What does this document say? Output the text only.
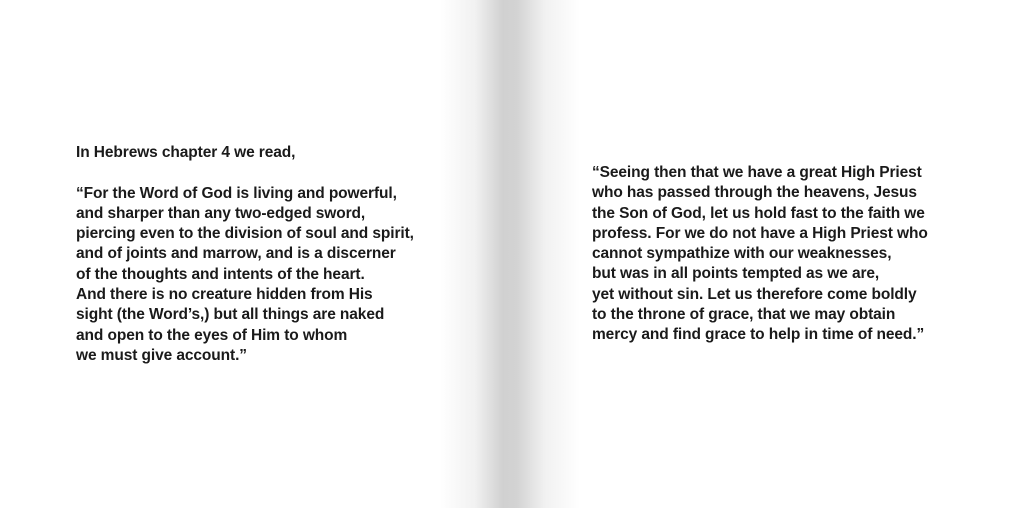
In Hebrews chapter 4 we read,
“For the Word of God is living and powerful,
and sharper than any two-edged sword,
piercing even to the division of soul and spirit,
and of joints and marrow, and is a discerner
of the thoughts and intents of the heart.
And there is no creature hidden from His
sight (the Word’s,) but all things are naked
and open to the eyes of Him to whom
we must give account.”
“Seeing then that we have a great High Priest
who has passed through the heavens, Jesus
the Son of God, let us hold fast to the faith we
profess. For we do not have a High Priest who
cannot sympathize with our weaknesses,
but was in all points tempted as we are,
yet without sin. Let us therefore come boldly
to the throne of grace, that we may obtain
mercy and find grace to help in time of need.”
